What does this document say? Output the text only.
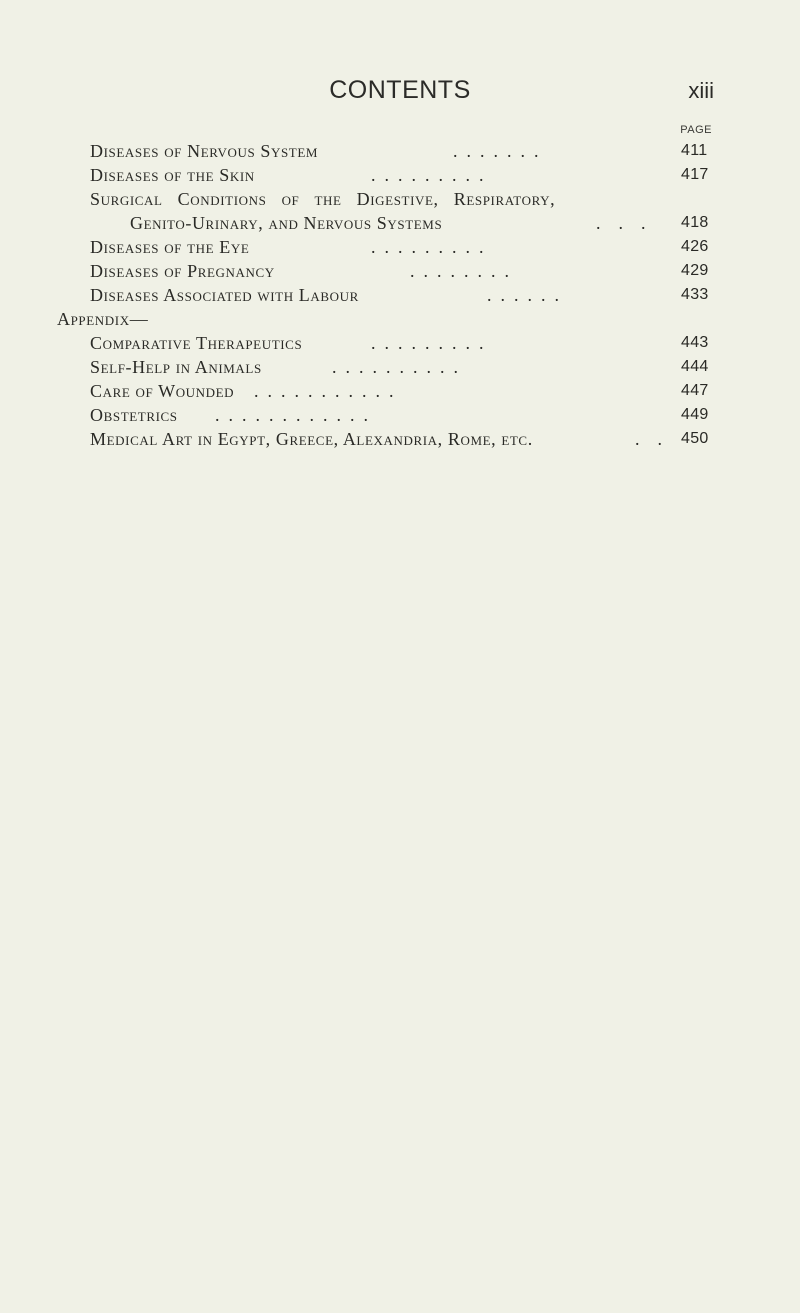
CONTENTS	xiii
PAGE
Diseases of Nervous System	.  .  .  .  .  .  .	411
Diseases of the Skin	.  .  .  .  .  .  .  .  .	417
Surgical Conditions of the Digestive, Respiratory,
Genito-Urinary, and Nervous Systems	.    .    . 418
Diseases of the Eye	.  .  .  .  .  .  .  .  .	426
Diseases of Pregnancy	.  .  .  .  .  .  .  .	429
Diseases Associated with Labour	.  .  .  .  .  .	433
Appendix—
Comparative Therapeutics	.  .  .  .  .  .  .  .  .	443
Self-Help in Animals	.  .  .  .  .  .  .  .  .  .	444
Care of Wounded .  .  .  .  .  .  .  .  .  .  .	447
Obstetrics .  .  .  .  .  .  .  .  .  .  .  .	449
Medical Art in Egypt, Greece, Alexandria, Rome, etc.	.    . 450
